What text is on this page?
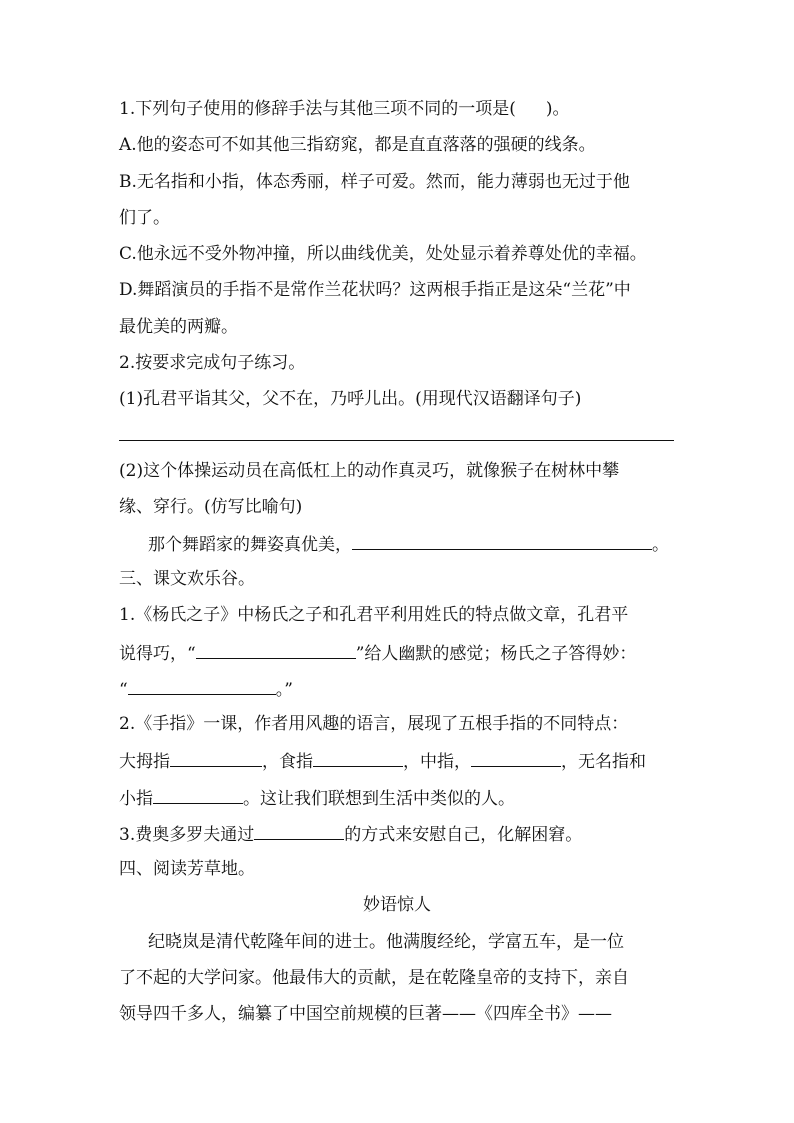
1.下列句子使用的修辞手法与其他三项不同的一项是( )。
A.他的姿态可不如其他三指窈窕，都是直直落落的强硬的线条。
B.无名指和小指，体态秀丽，样子可爱。然而，能力薄弱也无过于他
们了。
C.他永远不受外物冲撞，所以曲线优美，处处显示着养尊处优的幸福。
D.舞蹈演员的手指不是常作兰花状吗？这两根手指正是这朵“兰花”中
最优美的两瓣。
2.按要求完成句子练习。
(1)孔君平诣其父，父不在，乃呼儿出。(用现代汉语翻译句子)
(2)这个体操运动员在高低杠上的动作真灵巧，就像猴子在树林中攀
缘、穿行。(仿写比喻句)
那个舞蹈家的舞姿真优美，	。
三、课文欢乐谷。
1.《杨氏之子》中杨氏之子和孔君平利用姓氏的特点做文章，孔君平
说得巧，“	”给人幽默的感觉；杨氏之子答得妙：
“	。”
2.《手指》一课，作者用风趣的语言，展现了五根手指的不同特点：
大拇指	，食指	，中指，	，无名指和
小指	。这让我们联想到生活中类似的人。
3.费奥多罗夫通过	的方式来安慰自己，化解困窘。
四、阅读芳草地。
妙语惊人
纪晓岚是清代乾隆年间的进士。他满腹经纶，学富五车，是一位
了不起的大学问家。他最伟大的贡献，是在乾隆皇帝的支持下，亲自
领导四千多人，编纂了中国空前规模的巨著——《四库全书》——
